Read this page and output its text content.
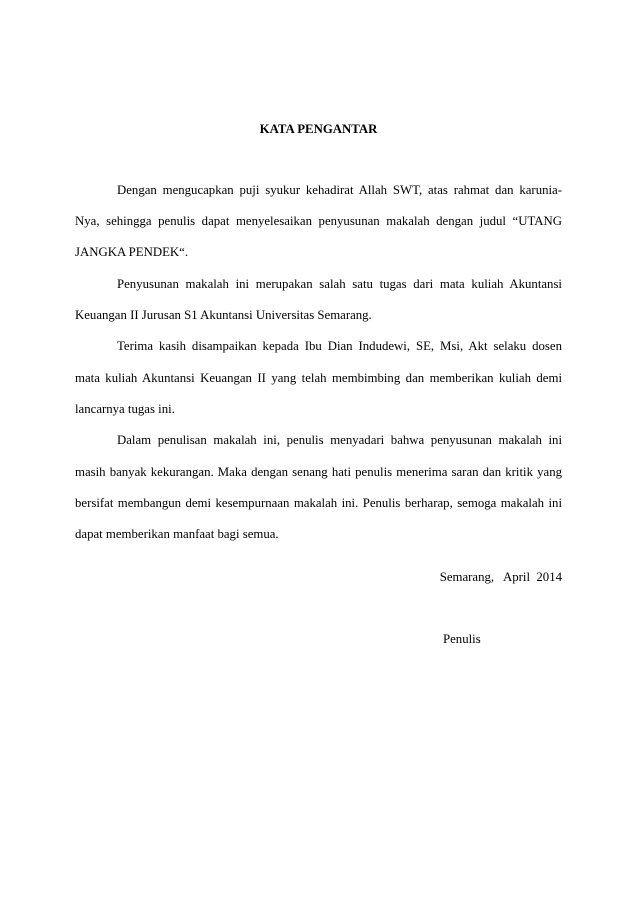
KATA PENGANTAR
Dengan mengucapkan puji syukur kehadirat Allah SWT, atas rahmat dan karunia-
Nya, sehingga penulis dapat menyelesaikan penyusunan makalah dengan judul “UTANG
JANGKA PENDEK“.
Penyusunan makalah ini merupakan salah satu tugas dari mata kuliah Akuntansi
Keuangan II Jurusan S1 Akuntansi Universitas Semarang.
Terima kasih disampaikan kepada Ibu Dian Indudewi, SE, Msi, Akt selaku dosen
mata kuliah Akuntansi Keuangan II yang telah membimbing dan memberikan kuliah demi
lancarnya tugas ini.
Dalam penulisan makalah ini, penulis menyadari bahwa penyusunan makalah ini
masih banyak kekurangan. Maka dengan senang hati penulis menerima saran dan kritik yang
bersifat membangun demi kesempurnaan makalah ini. Penulis berharap, semoga makalah ini
dapat memberikan manfaat bagi semua.
Semarang,   April  2014
Penulis
